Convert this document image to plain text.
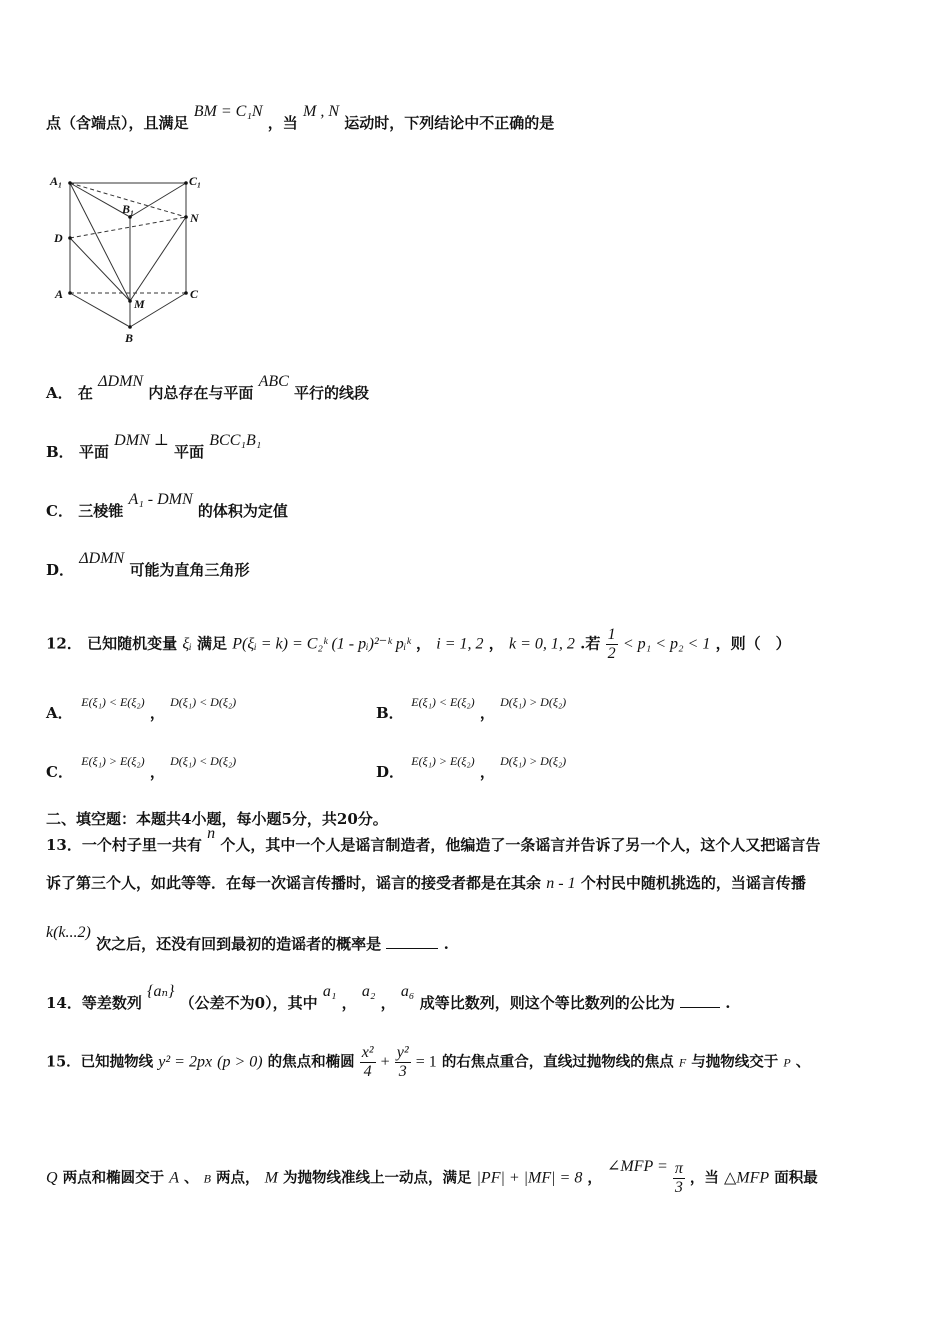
点（含端点），且满足 BM = C₁N ，当 M , N 运动时，下列结论中不正确的是
A₁	C₁
B₁
N
D
A
M
C
B
A． 在 ΔDMN 内总存在与平面 ABC 平行的线段
B． 平面 DMN ⊥ 平面 BCC₁B₁
C． 三棱锥 A₁ - DMN 的体积为定值
D． ΔDMN 可能为直角三角形
12． 已知随机变量 ξᵢ 满足 P(ξᵢ = k) = C₂ᵏ (1 - pᵢ)²⁻ᵏ pᵢᵏ ， i = 1, 2 ， k = 0, 1, 2 .若 $\frac{1}{2} < p_1 < p_2 < 1$ ，则（　）
A． $^{E(\xi_1) < E(\xi_2)}$ ， $^{D(\xi_1) < D(\xi_2)}$
B． $^{E(\xi_1) < E(\xi_2)}$ ， $^{D(\xi_1) > D(\xi_2)}$
C． $^{E(\xi_1) > E(\xi_2)}$ ， $^{D(\xi_1) < D(\xi_2)}$
D． $^{E(\xi_1) > E(\xi_2)}$ ， $^{D(\xi_1) > D(\xi_2)}$
二、填空题：本题共4小题，每小题5分，共20分。
13．一个村子里一共有 n 个人，其中一个人是谣言制造者，他编造了一条谣言并告诉了另一个人，这个人又把谣言告
诉了第三个人，如此等等．在每一次谣言传播时，谣言的接受者都是在其余 n - 1 个村民中随机挑选的，当谣言传播
k(k...2) 次之后，还没有回到最初的造谣者的概率是	.
14．等差数列 {aₙ} （公差不为0），其中 a₁ ， a₂ ， a₆ 成等比数列，则这个等比数列的公比为	.
15．已知抛物线 y² = 2px (p > 0) 的焦点和椭圆 $\frac{\text{x²}}{4} + \frac{\text{y²}}{3} = 1$ 的右焦点重合，直线过抛物线的焦点 F 与抛物线交于 P 、
Q 两点和椭圆交于 A 、 B 两点， M 为抛物线准线上一动点，满足 |PF| + |MF| = 8 ， ∠MFP = $\frac{\pi}{3}$ ，当 △MFP 面积最
